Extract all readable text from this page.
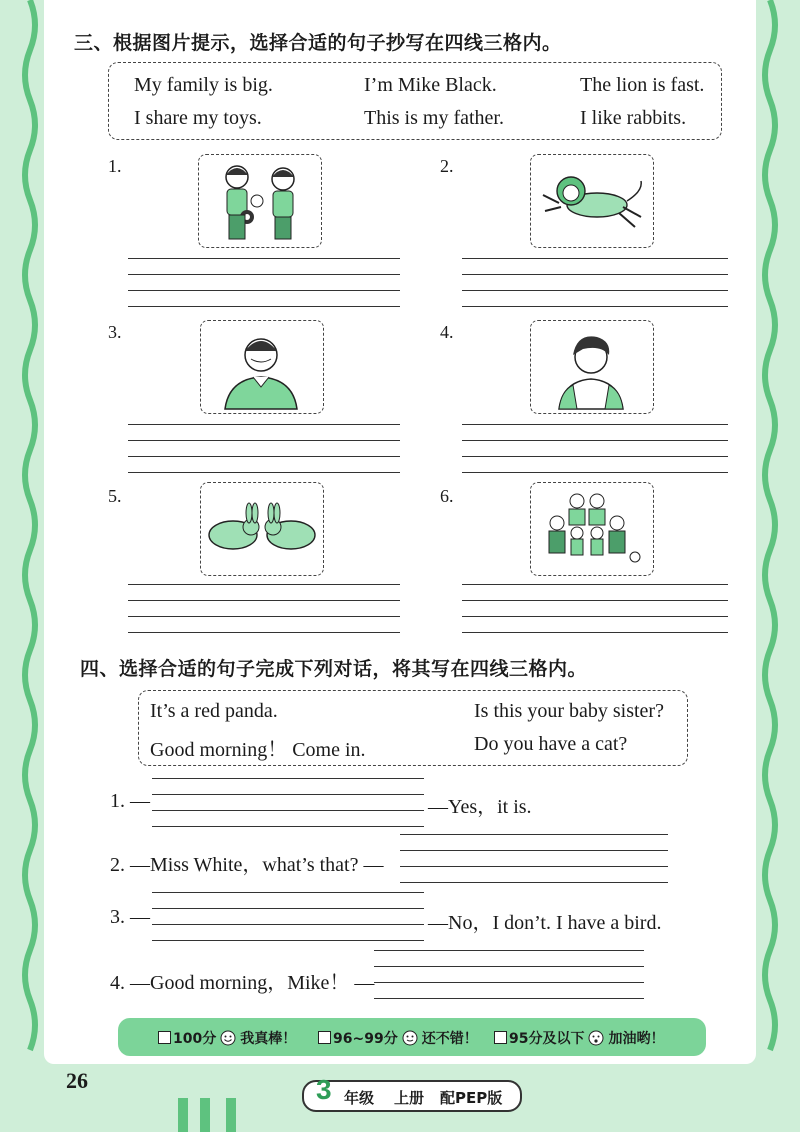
三、根据图片提示，选择合适的句子抄写在四线三格内。
My family is big.	I’m Mike Black.	The lion is fast.
I share my toys.	This is my father.	I like rabbits.
1.	2.
3.	4.
5.	6.
四、选择合适的句子完成下列对话，将其写在四线三格内。
It’s a red panda.	Is this your baby sister?
Good morning！ Come in.	Do you have a cat?
1. —	—Yes，it is.
2. —Miss White，what’s that? —
3. —	—No，I don’t. I have a bird.
4. —Good morning，Mike！ —
100分 我真棒！	96~99分 还不错！	95分及以下 加油哟！
26	3 年级 上册 配PEP版
